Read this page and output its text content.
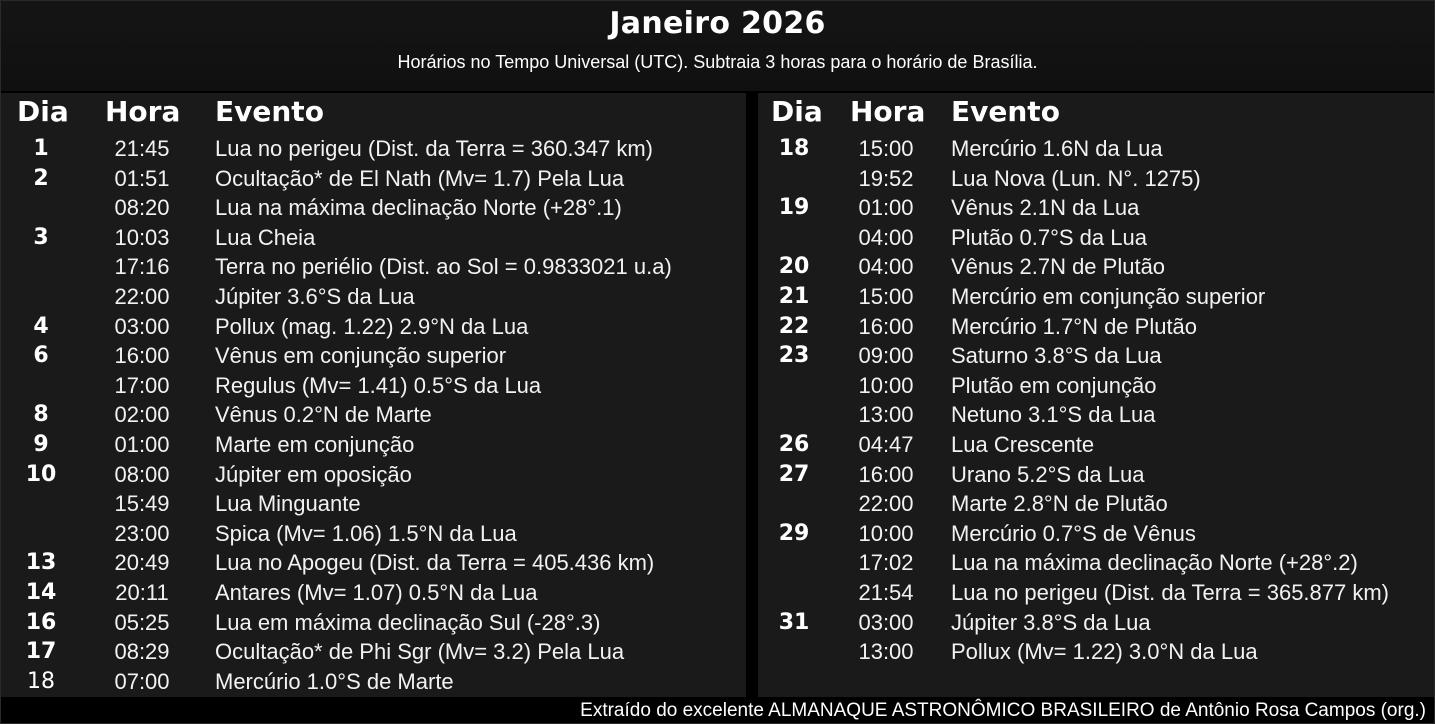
Janeiro 2026
Horários no Tempo Universal (UTC). Subtraia 3 horas para o horário de Brasília.
Dia Hora Evento
1	21:45	Lua no perigeu (Dist. da Terra = 360.347 km)
2	01:51	Ocultação* de El Nath (Mv= 1.7) Pela Lua
08:20	Lua na máxima declinação Norte (+28°.1)
3	10:03	Lua Cheia
17:16	Terra no periélio (Dist. ao Sol = 0.9833021 u.a)
22:00	Júpiter 3.6°S da Lua
4	03:00	Pollux (mag. 1.22) 2.9°N da Lua
6	16:00	Vênus em conjunção superior
17:00	Regulus (Mv= 1.41) 0.5°S da Lua
8	02:00	Vênus 0.2°N de Marte
9	01:00	Marte em conjunção
10	08:00	Júpiter em oposição
15:49	Lua Minguante
23:00	Spica (Mv= 1.06) 1.5°N da Lua
13	20:49	Lua no Apogeu (Dist. da Terra = 405.436 km)
14	20:11	Antares (Mv= 1.07) 0.5°N da Lua
16	05:25	Lua em máxima declinação Sul (-28°.3)
17	08:29	Ocultação* de Phi Sgr (Mv= 3.2) Pela Lua
18	07:00	Mercúrio 1.0°S de Marte
Dia Hora Evento
18	15:00	Mercúrio 1.6N da Lua
19:52	Lua Nova (Lun. N°. 1275)
19	01:00	Vênus 2.1N da Lua
04:00	Plutão 0.7°S da Lua
20	04:00	Vênus 2.7N de Plutão
21	15:00	Mercúrio em conjunção superior
22	16:00	Mercúrio 1.7°N de Plutão
23	09:00	Saturno 3.8°S da Lua
10:00	Plutão em conjunção
13:00	Netuno 3.1°S da Lua
26	04:47	Lua Crescente
27	16:00	Urano 5.2°S da Lua
22:00	Marte 2.8°N de Plutão
29	10:00	Mercúrio 0.7°S de Vênus
17:02	Lua na máxima declinação Norte (+28°.2)
21:54	Lua no perigeu (Dist. da Terra = 365.877 km)
31	03:00	Júpiter 3.8°S da Lua
13:00	Pollux (Mv= 1.22) 3.0°N da Lua
Extraído do excelente ALMANAQUE ASTRONÔMICO BRASILEIRO de Antônio Rosa Campos (org.)
